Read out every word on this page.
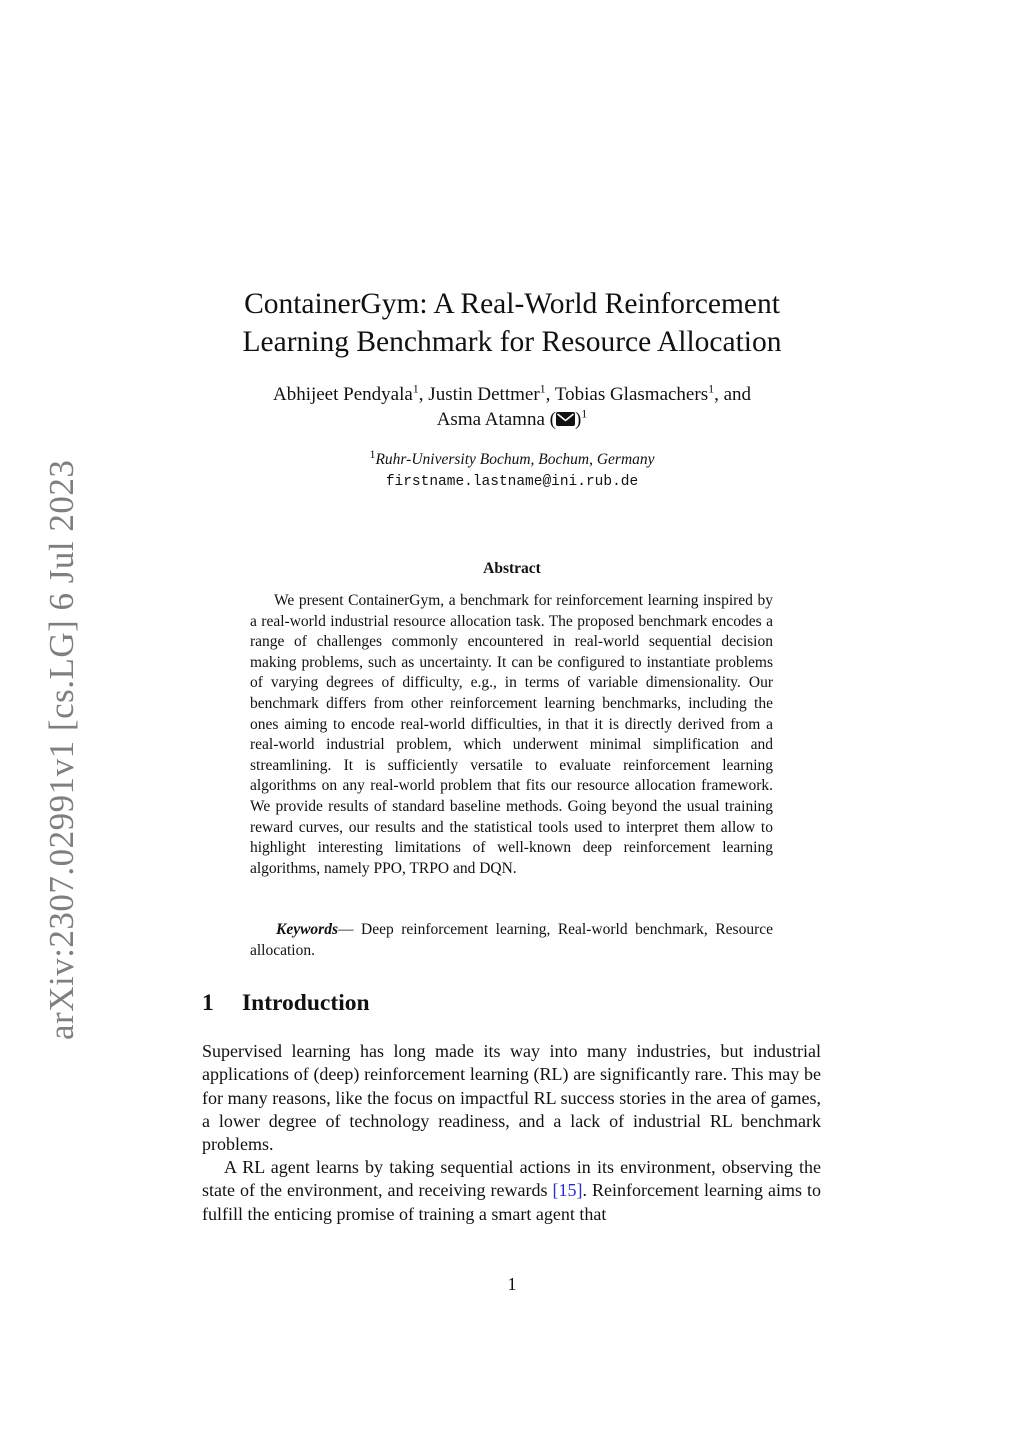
arXiv:2307.02991v1 [cs.LG] 6 Jul 2023
ContainerGym: A Real-World Reinforcement
Learning Benchmark for Resource Allocation
Abhijeet Pendyala$^1$, Justin Dettmer$^1$, Tobias Glasmachers$^1$, and
Asma Atamna ( )$^1$
$^1$Ruhr-University Bochum, Bochum, Germany
firstname.lastname@ini.rub.de
Abstract

We present ContainerGym, a benchmark for reinforcement learning inspired by a real-world industrial resource allocation task. The proposed benchmark encodes a range of challenges commonly encountered in real-world sequential decision making problems, such as uncertainty. It can be configured to instantiate problems of varying degrees of difficulty, e.g., in terms of variable dimensionality. Our benchmark differs from other reinforcement learning benchmarks, including the ones aiming to encode real-world difficulties, in that it is directly derived from a real-world industrial problem, which underwent minimal simplification and streamlining. It is sufficiently versatile to evaluate reinforcement learning algorithms on any real-world problem that fits our resource allocation framework. We provide results of standard baseline methods. Going beyond the usual training reward curves, our results and the statistical tools used to interpret them allow to highlight interesting limitations of well-known deep reinforcement learning algorithms, namely PPO, TRPO and DQN.

Keywords— Deep reinforcement learning, Real-world benchmark, Resource allocation.

1 Introduction

Supervised learning has long made its way into many industries, but industrial applications of (deep) reinforcement learning (RL) are significantly rare. This may be for many reasons, like the focus on impactful RL success stories in the area of games, a lower degree of technology readiness, and a lack of industrial RL benchmark problems.

A RL agent learns by taking sequential actions in its environment, observing the state of the environment, and receiving rewards [15]. Reinforcement learning aims to fulfill the enticing promise of training a smart agent that

1
